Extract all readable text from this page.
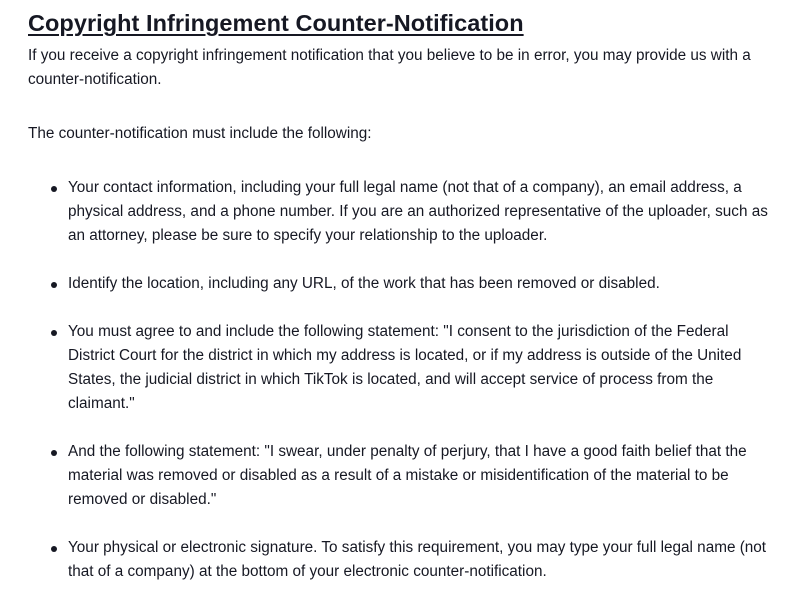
Copyright Infringement Counter-Notification

If you receive a copyright infringement notification that you believe to be in error, you may provide us with a counter-notification.

The counter-notification must include the following:

Your contact information, including your full legal name (not that of a company), an email address, a physical address, and a phone number. If you are an authorized representative of the uploader, such as an attorney, please be sure to specify your relationship to the uploader.
Identify the location, including any URL, of the work that has been removed or disabled.
You must agree to and include the following statement: "I consent to the jurisdiction of the Federal District Court for the district in which my address is located, or if my address is outside of the United States, the judicial district in which TikTok is located, and will accept service of process from the claimant."
And the following statement: "I swear, under penalty of perjury, that I have a good faith belief that the material was removed or disabled as a result of a mistake or misidentification of the material to be removed or disabled."
Your physical or electronic signature. To satisfy this requirement, you may type your full legal name (not that of a company) at the bottom of your electronic counter-notification.
